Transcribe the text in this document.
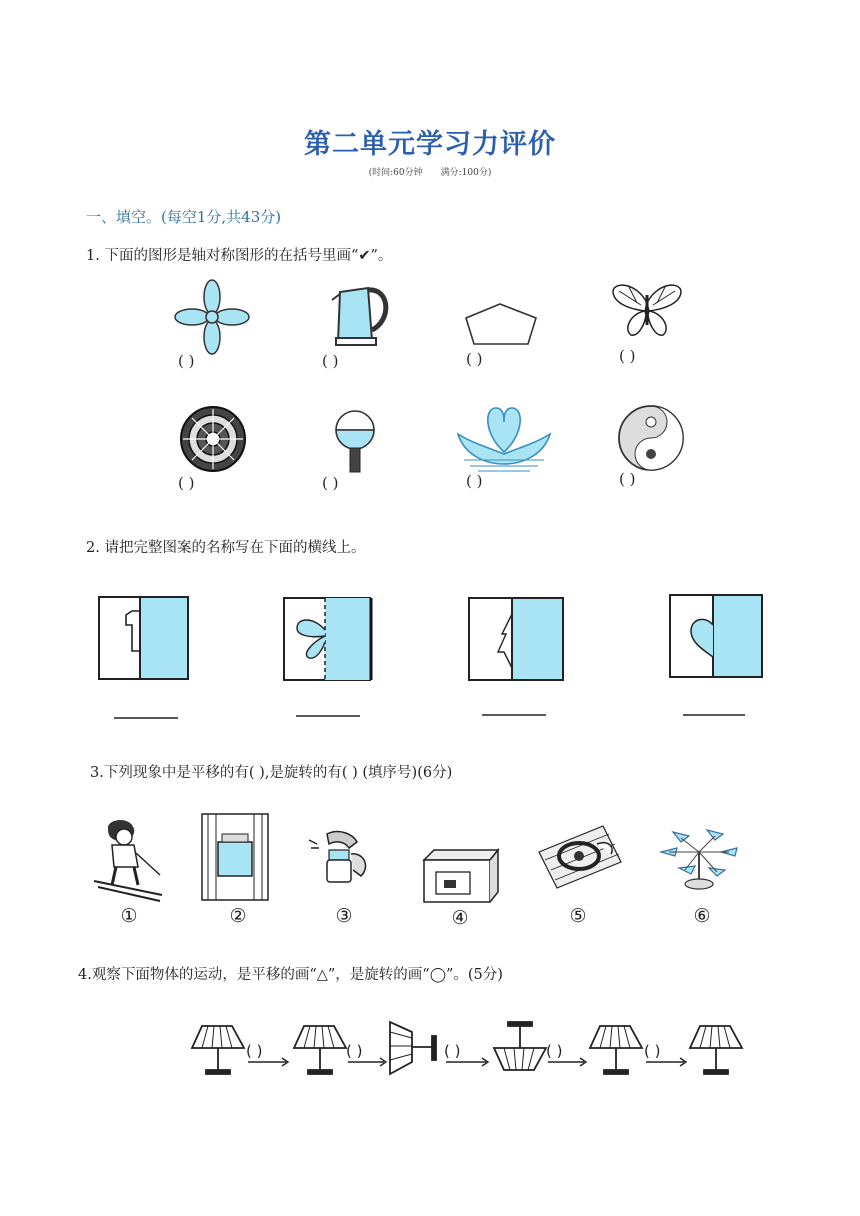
第二单元学习力评价
(时间:60分钟 满分:100分)
一、填空。(每空1分,共43分)
1. 下面的图形是轴对称图形的在括号里画“✔”。
( )	( )	( )	( )
( )	( )	( )	( )
2. 请把完整图案的名称写在下面的横线上。
3.下列现象中是平移的有( ),是旋转的有( ) (填序号)(6分)
①	②	③	④	⑤	⑥
4.观察下面物体的运动，是平移的画“△”，是旋转的画“◯”。(5分)
( )	( )	( )	( )	( )
